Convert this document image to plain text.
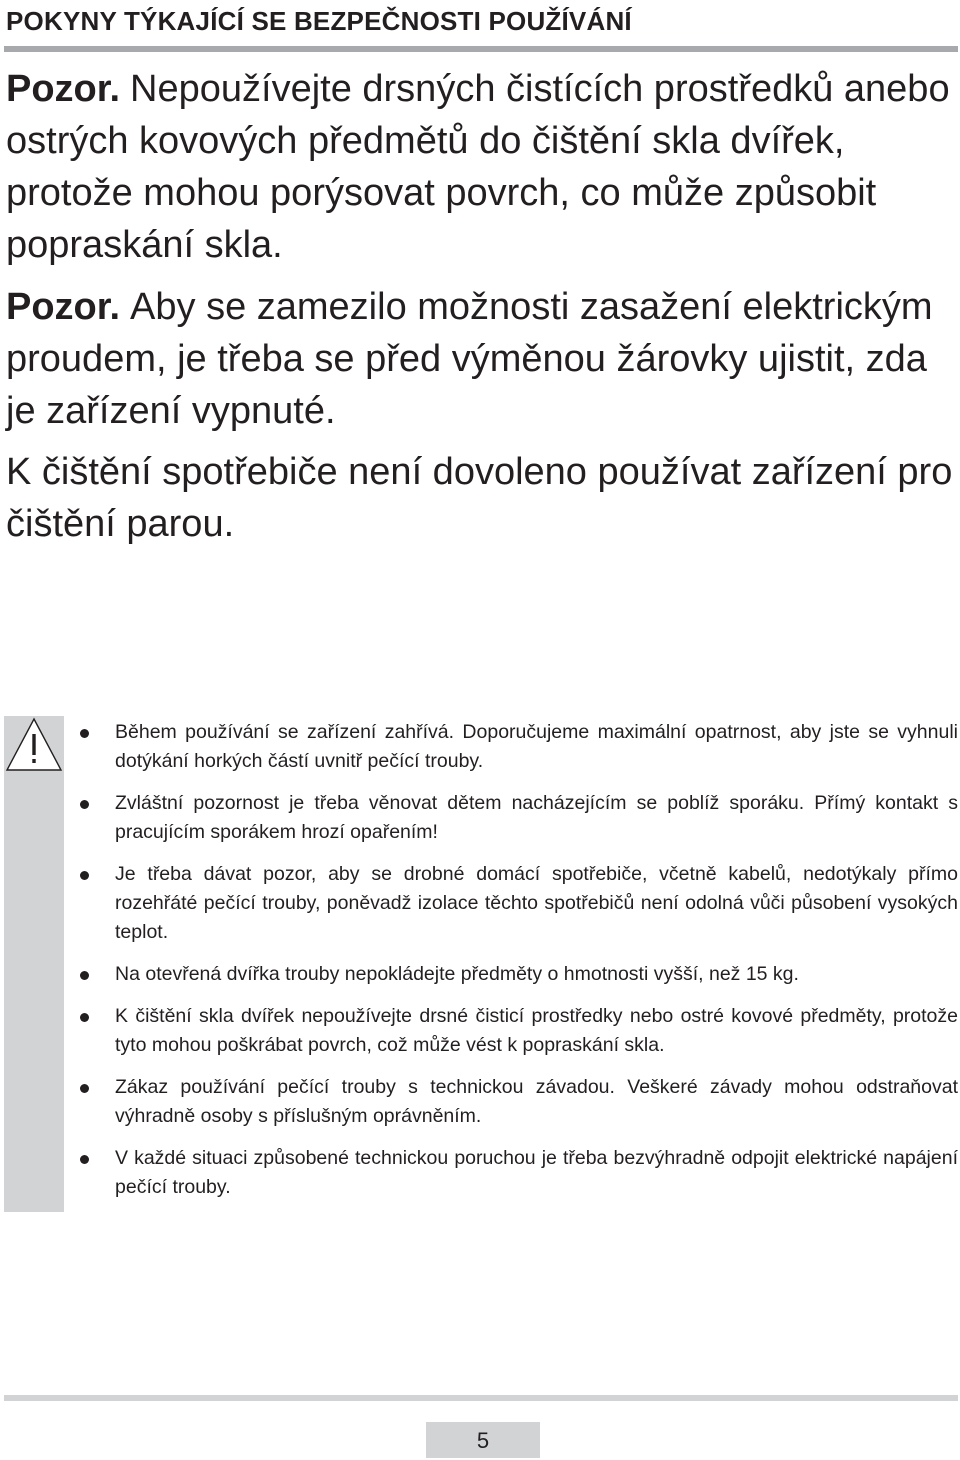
POKYNY TÝKAJÍCÍ SE BEZPEČNOSTI POUŽÍVÁNÍ

Pozor. Nepoužívejte drsných čistících prostředků anebo ostrých kovových předmětů do čištění skla dvířek, protože mohou porýsovat povrch, co může způsobit popraskání skla.

Pozor. Aby se zamezilo možnosti zasažení elektrickým proudem, je třeba se před výměnou žárovky ujistit, zda je zařízení vypnuté.

K čištění spotřebiče není dovoleno používat zařízení pro čištění parou.

Během používání se zařízení zahřívá. Doporučujeme maximální opatrnost, aby jste se vyhnuli dotýkání horkých částí uvnitř pečící trouby.
Zvláštní pozornost je třeba věnovat dětem nacházejícím se poblíž sporáku. Přímý kontakt s pracujícím sporákem hrozí opařením!
Je třeba dávat pozor, aby se drobné domácí spotřebiče, včetně kabelů, nedotýkaly přímo rozehřáté pečící trouby, poněvadž izolace těchto spotřebičů není odolná vůči působení vysokých teplot.
Na otevřená dvířka trouby nepokládejte předměty o hmotnosti vyšší, než 15 kg.
K čištění skla dvířek nepoužívejte drsné čisticí prostředky nebo ostré kovové předměty, protože tyto mohou poškrábat povrch, což může vést k popraskání skla.
Zákaz používání pečící trouby s technickou závadou. Veškeré závady mohou odstraňovat výhradně osoby s příslušným oprávněním.
V každé situaci způsobené technickou poruchou je třeba bezvýhradně odpojit elektrické napájení pečící trouby.
5
